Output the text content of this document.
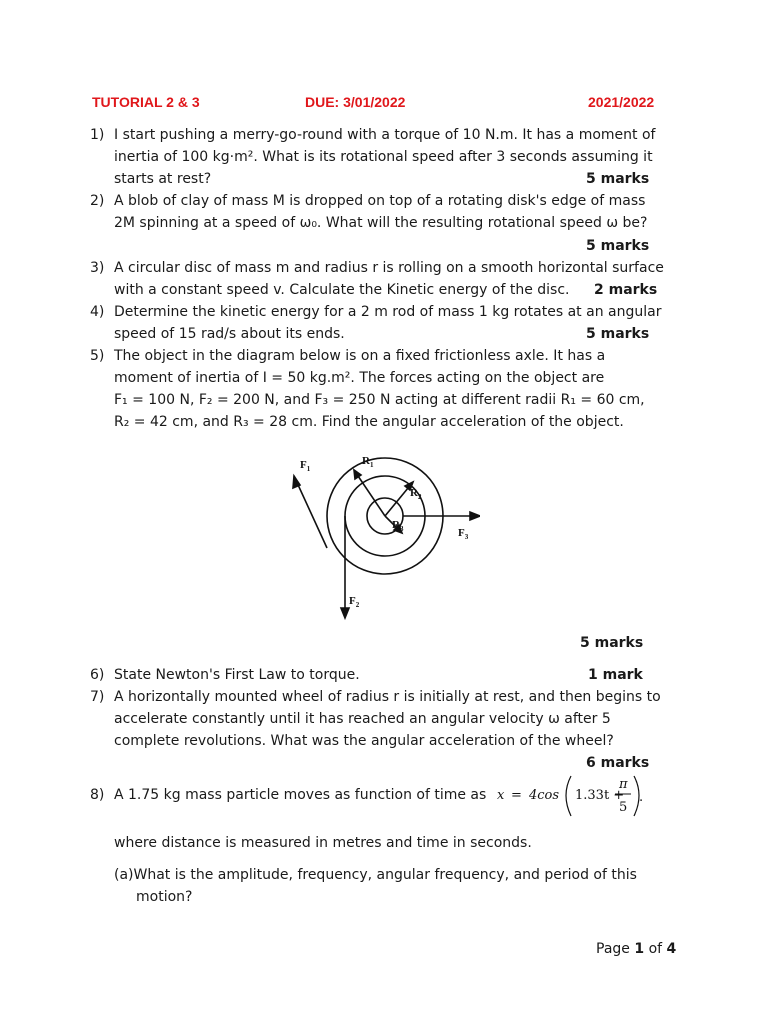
TUTORIAL 2 & 3	DUE: 3/01/2022	2021/2022
1) I start pushing a merry-go-round with a torque of 10 N.m. It has a moment of
inertia of 100 kg·m². What is its rotational speed after 3 seconds assuming it
starts at rest?	5 marks
2) A blob of clay of mass M is dropped on top of a rotating disk's edge of mass
2M spinning at a speed of ω₀. What will the resulting rotational speed ω be?
5 marks
3) A circular disc of mass m and radius r is rolling on a smooth horizontal surface
with a constant speed v. Calculate the Kinetic energy of the disc. 2 marks
4) Determine the kinetic energy for a 2 m rod of mass 1 kg rotates at an angular
speed of 15 rad/s about its ends.	5 marks
5) The object in the diagram below is on a fixed frictionless axle. It has a
moment of inertia of I = 50 kg.m². The forces acting on the object are
F₁ = 100 N, F₂ = 200 N, and F₃ = 250 N acting at different radii R₁ = 60 cm,
R₂ = 42 cm, and R₃ = 28 cm. Find the angular acceleration of the object.
5 marks
$F_1$
$R_1$
$R_2$
$R_3$	$F_3$
$F_2$
6) State Newton's First Law to torque.	1 mark
7) A horizontally mounted wheel of radius r is initially at rest, and then begins to
accelerate constantly until it has reached an angular velocity ω after 5
complete revolutions. What was the angular acceleration of the wheel?
6 marks
8) A 1.75 kg mass particle moves as function of time as x = 4cos 1.33t +
π
5
.
where distance is measured in metres and time in seconds.
(a)What is the amplitude, frequency, angular frequency, and period of this
motion?
Page 1 of 4
